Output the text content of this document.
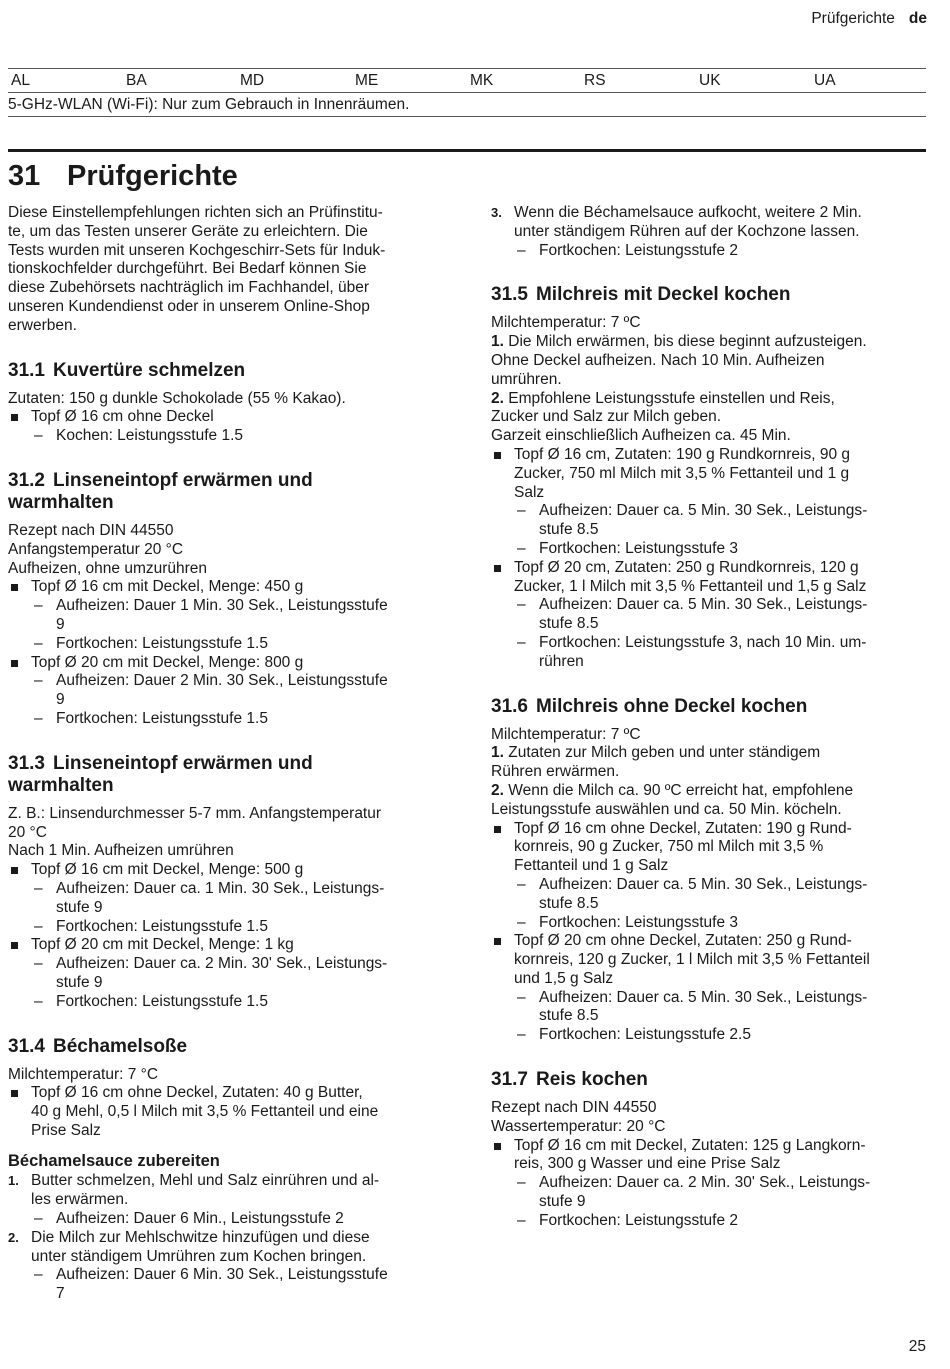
Prüfgerichte de
AL	BA	MD	ME	MK	RS	UK	UA
5-GHz-WLAN (Wi-Fi): Nur zum Gebrauch in Innenräumen.
31 Prüfgerichte
Diese Einstellempfehlungen richten sich an Prüfinstitu-
te, um das Testen unserer Geräte zu erleichtern. Die
Tests wurden mit unseren Kochgeschirr-Sets für Induk-
tionskochfelder durchgeführt. Bei Bedarf können Sie
diese Zubehörsets nachträglich im Fachhandel, über
unseren Kundendienst oder in unserem Online-Shop
erwerben.
31.1 Kuvertüre schmelzen
Zutaten: 150 g dunkle Schokolade (55 % Kakao).
Topf Ø 16 cm ohne Deckel
– Kochen: Leistungsstufe 1.5
31.2 Linseneintopf erwärmen und
warmhalten
Rezept nach DIN 44550
Anfangstemperatur 20 °C
Aufheizen, ohne umzurühren
Topf Ø 16 cm mit Deckel, Menge: 450 g
– Aufheizen: Dauer 1 Min. 30 Sek., Leistungsstufe
9
– Fortkochen: Leistungsstufe 1.5
Topf Ø 20 cm mit Deckel, Menge: 800 g
– Aufheizen: Dauer 2 Min. 30 Sek., Leistungsstufe
9
– Fortkochen: Leistungsstufe 1.5
31.3 Linseneintopf erwärmen und
warmhalten
Z. B.: Linsendurchmesser 5-7 mm. Anfangstemperatur
20 °C
Nach 1 Min. Aufheizen umrühren
Topf Ø 16 cm mit Deckel, Menge: 500 g
– Aufheizen: Dauer ca. 1 Min. 30 Sek., Leistungs-
stufe 9
– Fortkochen: Leistungsstufe 1.5
Topf Ø 20 cm mit Deckel, Menge: 1 kg
– Aufheizen: Dauer ca. 2 Min. 30' Sek., Leistungs-
stufe 9
– Fortkochen: Leistungsstufe 1.5
31.4 Béchamelsoße
Milchtemperatur: 7 °C
Topf Ø 16 cm ohne Deckel, Zutaten: 40 g Butter,
40 g Mehl, 0,5 l Milch mit 3,5 % Fettanteil und eine
Prise Salz
Béchamelsauce zubereiten
1. Butter schmelzen, Mehl und Salz einrühren und al-
les erwärmen.
– Aufheizen: Dauer 6 Min., Leistungsstufe 2
2. Die Milch zur Mehlschwitze hinzufügen und diese
unter ständigem Umrühren zum Kochen bringen.
– Aufheizen: Dauer 6 Min. 30 Sek., Leistungsstufe
7
3. Wenn die Béchamelsauce aufkocht, weitere 2 Min.
unter ständigem Rühren auf der Kochzone lassen.
– Fortkochen: Leistungsstufe 2
31.5 Milchreis mit Deckel kochen
Milchtemperatur: 7 ºC
1. Die Milch erwärmen, bis diese beginnt aufzusteigen.
Ohne Deckel aufheizen. Nach 10 Min. Aufheizen
umrühren.
2. Empfohlene Leistungsstufe einstellen und Reis,
Zucker und Salz zur Milch geben.
Garzeit einschließlich Aufheizen ca. 45 Min.
Topf Ø 16 cm, Zutaten: 190 g Rundkornreis, 90 g
Zucker, 750 ml Milch mit 3,5 % Fettanteil und 1 g
Salz
– Aufheizen: Dauer ca. 5 Min. 30 Sek., Leistungs-
stufe 8.5
– Fortkochen: Leistungsstufe 3
Topf Ø 20 cm, Zutaten: 250 g Rundkornreis, 120 g
Zucker, 1 l Milch mit 3,5 % Fettanteil und 1,5 g Salz
– Aufheizen: Dauer ca. 5 Min. 30 Sek., Leistungs-
stufe 8.5
– Fortkochen: Leistungsstufe 3, nach 10 Min. um-
rühren
31.6 Milchreis ohne Deckel kochen
Milchtemperatur: 7 ºC
1. Zutaten zur Milch geben und unter ständigem
Rühren erwärmen.
2. Wenn die Milch ca. 90 ºC erreicht hat, empfohlene
Leistungsstufe auswählen und ca. 50 Min. köcheln.
Topf Ø 16 cm ohne Deckel, Zutaten: 190 g Rund-
kornreis, 90 g Zucker, 750 ml Milch mit 3,5 %
Fettanteil und 1 g Salz
– Aufheizen: Dauer ca. 5 Min. 30 Sek., Leistungs-
stufe 8.5
– Fortkochen: Leistungsstufe 3
Topf Ø 20 cm ohne Deckel, Zutaten: 250 g Rund-
kornreis, 120 g Zucker, 1 l Milch mit 3,5 % Fettanteil
und 1,5 g Salz
– Aufheizen: Dauer ca. 5 Min. 30 Sek., Leistungs-
stufe 8.5
– Fortkochen: Leistungsstufe 2.5
31.7 Reis kochen
Rezept nach DIN 44550
Wassertemperatur: 20 °C
Topf Ø 16 cm mit Deckel, Zutaten: 125 g Langkorn-
reis, 300 g Wasser und eine Prise Salz
– Aufheizen: Dauer ca. 2 Min. 30' Sek., Leistungs-
stufe 9
– Fortkochen: Leistungsstufe 2
25
